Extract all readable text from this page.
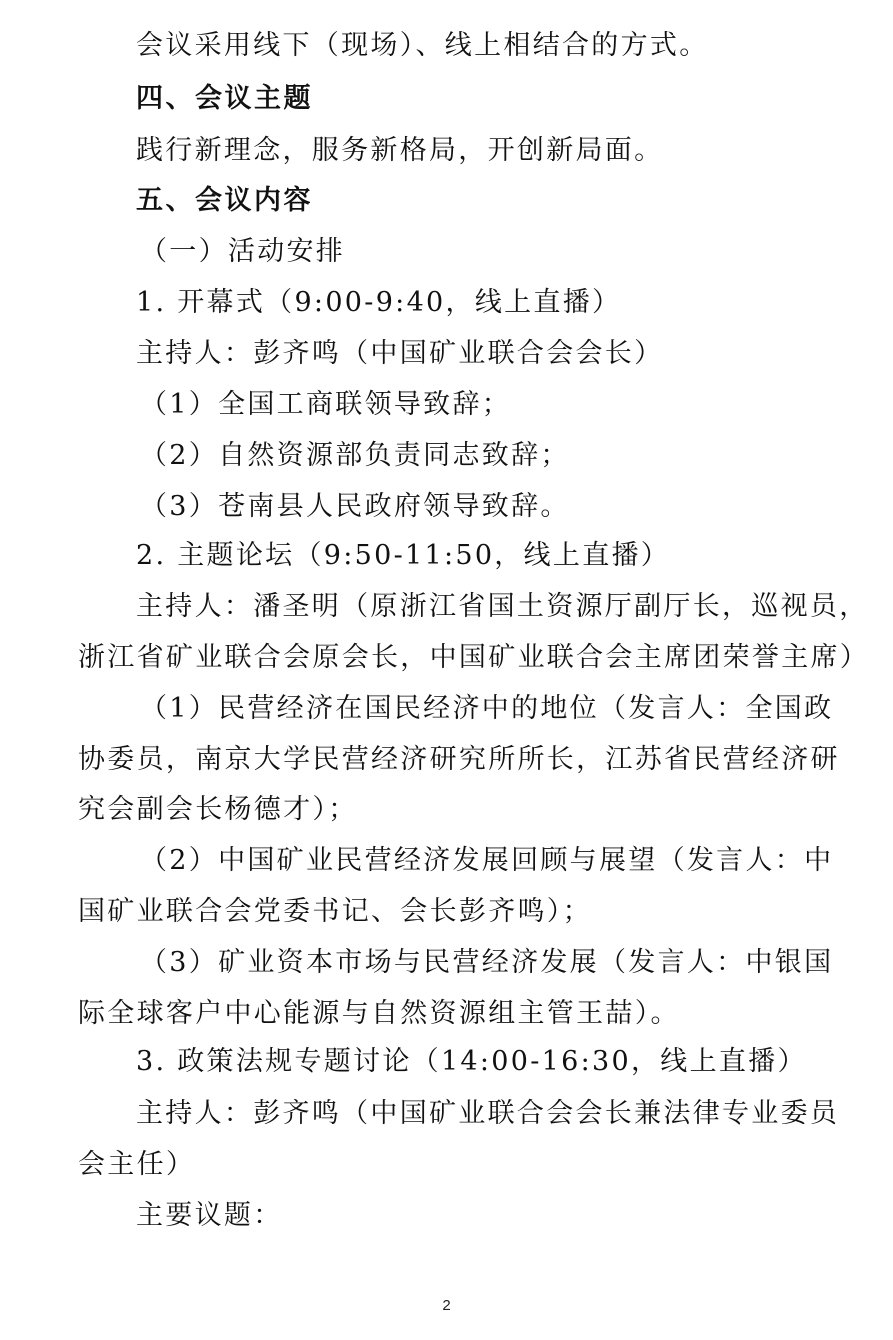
会议采用线下（现场）、线上相结合的方式。
四、会议主题
践行新理念，服务新格局，开创新局面。
五、会议内容
（一）活动安排
1. 开幕式（9:00-9:40，线上直播）
主持人：彭齐鸣（中国矿业联合会会长）
（1）全国工商联领导致辞；
（2）自然资源部负责同志致辞；
（3）苍南县人民政府领导致辞。
2. 主题论坛（9:50-11:50，线上直播）
主持人：潘圣明（原浙江省国土资源厅副厅长，巡视员，
浙江省矿业联合会原会长，中国矿业联合会主席团荣誉主席）
（1）民营经济在国民经济中的地位（发言人：全国政
协委员，南京大学民营经济研究所所长，江苏省民营经济研
究会副会长杨德才）；
（2）中国矿业民营经济发展回顾与展望（发言人：中
国矿业联合会党委书记、会长彭齐鸣）；
（3）矿业资本市场与民营经济发展（发言人：中银国
际全球客户中心能源与自然资源组主管王喆）。
3. 政策法规专题讨论（14:00-16:30，线上直播）
主持人：彭齐鸣（中国矿业联合会会长兼法律专业委员
会主任）
主要议题：
2
